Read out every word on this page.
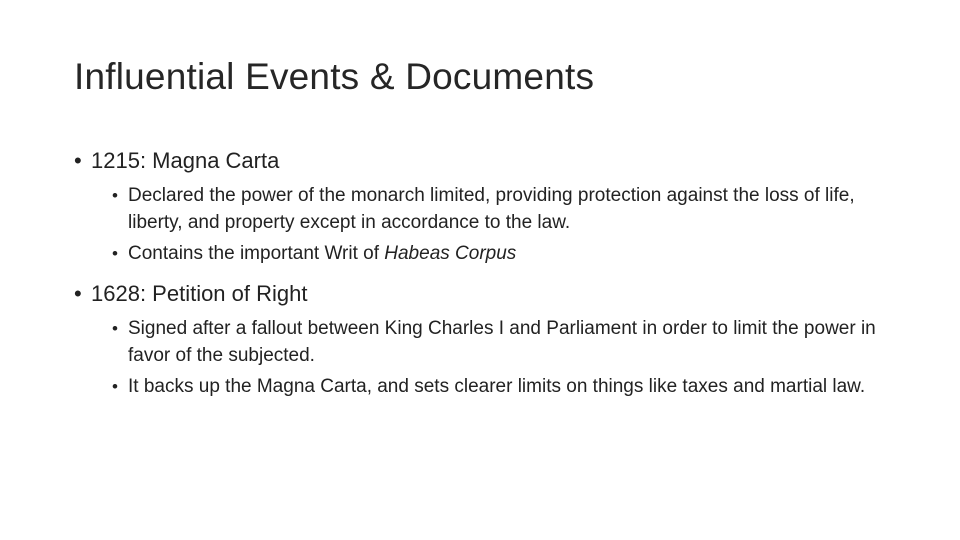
Influential Events & Documents

• 1215: Magna Carta

• Declared the power of the monarch limited, providing protection against the loss of life, liberty, and property except in accordance to the law.

• Contains the important Writ of Habeas Corpus

• 1628: Petition of Right

• Signed after a fallout between King Charles I and Parliament in order to limit the power in favor of the subjected.

• It backs up the Magna Carta, and sets clearer limits on things like taxes and martial law.
